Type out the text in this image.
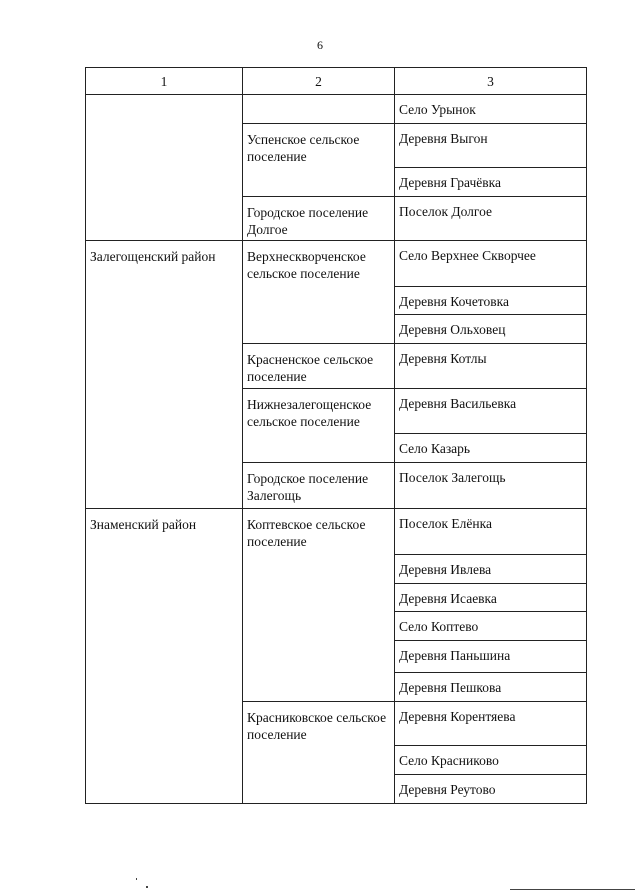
6
1	2	3

		Село Урынок

	Успенское сельское поселение	Деревня Выгон

		Деревня Грачёвка

	Городское поселение Долгое	Поселок Долгое

Залегощенский район	Верхнескворченское сельское поселение	Село Верхнее Скворчее

		Деревня Кочетовка

		Деревня Ольховец

	Красненское сельское поселение	Деревня Котлы

	Нижнезалегощенское сельское поселение	Деревня Васильевка

		Село Казарь

	Городское поселение Залегощь	Поселок Залегощь

Знаменский район	Коптевское сельское поселение	Поселок Елёнка

		Деревня Ивлева

		Деревня Исаевка

		Село Коптево

		Деревня Паньшина

		Деревня Пешкова

	Красниковское сельское поселение	Деревня Корентяева

		Село Красниково

		Деревня Реутово
